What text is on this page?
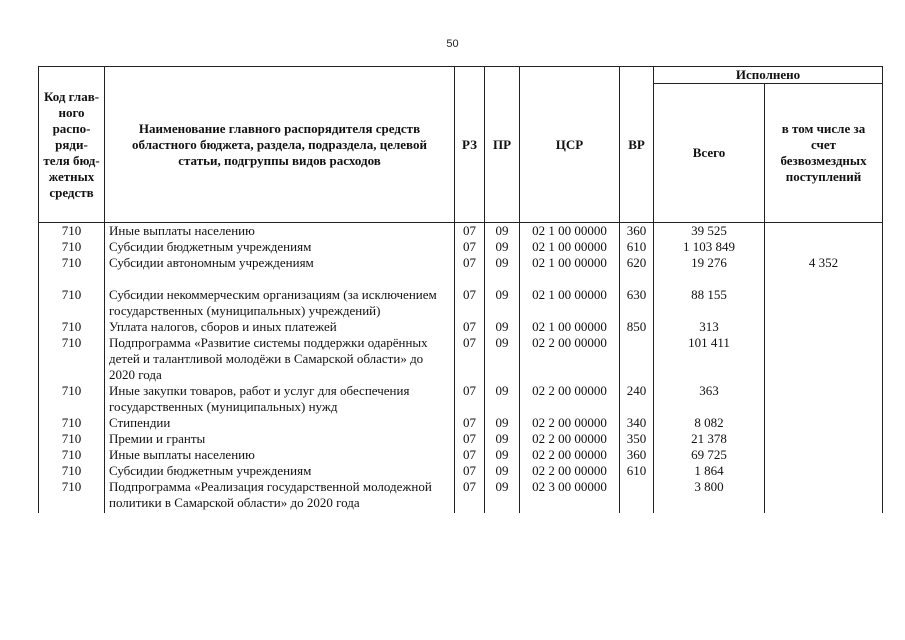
50
Код глав-ного распо-ряди-теля бюд-жетных средств	Наименование главного распорядителя средств областного бюджета, раздела, подраздела, целевой статьи, подгруппы видов расходов	РЗ	ПР	ЦСР	ВР	Исполнено	
						Всего	в том числе за счет безвозмездных поступлений
710	Иные выплаты населению	07	09	02 1 00 00000	360	39 525	
710	Субсидии бюджетным учреждениям	07	09	02 1 00 00000	610	1 103 849	
710	Субсидии автономным учреждениям	07	09	02 1 00 00000	620	19 276	4 352

710	Субсидии некоммерческим организациям (за исключением государственных (муниципальных) учреждений)	07	09	02 1 00 00000	630	88 155	
710	Уплата налогов, сборов и иных платежей	07	09	02 1 00 00000	850	313	
710	Подпрограмма «Развитие системы поддержки одарённых детей и талантливой молодёжи в Самарской области» до 2020 года	07	09	02 2 00 00000		101 411	
710	Иные закупки товаров, работ и услуг для обеспечения государственных (муниципальных) нужд	07	09	02 2 00 00000	240	363	
710	Стипендии	07	09	02 2 00 00000	340	8 082	
710	Премии и гранты	07	09	02 2 00 00000	350	21 378	
710	Иные выплаты населению	07	09	02 2 00 00000	360	69 725	
710	Субсидии бюджетным учреждениям	07	09	02 2 00 00000	610	1 864	
710	Подпрограмма «Реализация государственной молодежной политики в Самарской области» до 2020 года	07	09	02 3 00 00000		3 800	
